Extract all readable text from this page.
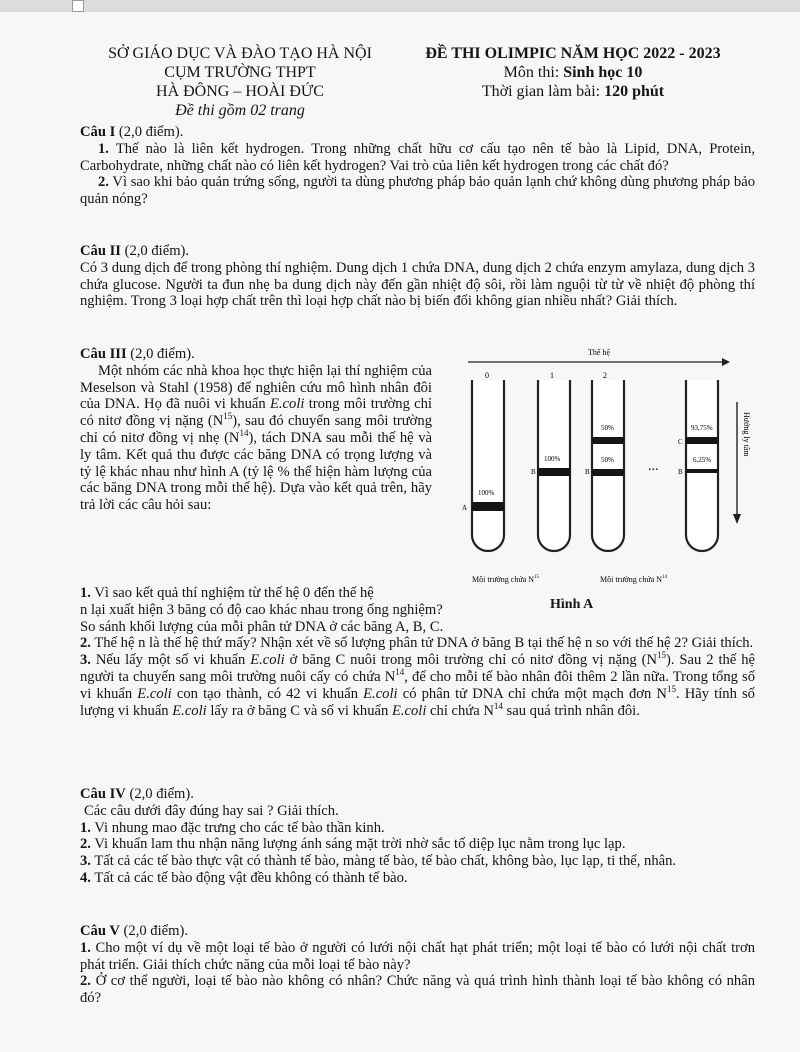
SỞ GIÁO DỤC VÀ ĐÀO TẠO HÀ NỘI
CỤM TRƯỜNG THPT
HÀ ĐÔNG – HOÀI ĐỨC
Đề thi gồm 02 trang
ĐỀ THI OLIMPIC NĂM HỌC 2022 - 2023
Môn thi: Sinh học 10
Thời gian làm bài: 120 phút

Câu I (2,0 điểm).

1. Thế nào là liên kết hydrogen. Trong những chất hữu cơ cấu tạo nên tế bào là Lipid, DNA, Protein, Carbohydrate, những chất nào có liên kết hydrogen? Vai trò của liên kết hydrogen trong các chất đó?

2. Vì sao khi bảo quản trứng sống, người ta dùng phương pháp bảo quản lạnh chứ không dùng phương pháp bảo quản nóng?

Câu II (2,0 điểm).

Có 3 dung dịch để trong phòng thí nghiệm. Dung dịch 1 chứa DNA, dung dịch 2 chứa enzym amylaza, dung dịch 3 chứa glucose. Người ta đun nhẹ ba dung dịch này đến gần nhiệt độ sôi, rồi làm nguội từ từ về nhiệt độ phòng thí nghiệm. Trong 3 loại hợp chất trên thì loại hợp chất nào bị biến đổi không gian nhiều nhất? Giải thích.

Câu III (2,0 điểm).

Một nhóm các nhà khoa học thực hiện lại thí nghiệm của Meselson và Stahl (1958) để nghiên cứu mô hình nhân đôi của DNA. Họ đã nuôi vi khuẩn E.coli trong môi trường chỉ có nitơ đồng vị nặng $(N^{15})$, sau đó chuyển sang môi trường chỉ có nitơ đồng vị nhẹ $(N^{14})$, tách DNA sau mỗi thế hệ và ly tâm. Kết quả thu được các băng DNA có trọng lượng và tỷ lệ khác nhau như hình A (tỷ lệ % thể hiện hàm lượng của các băng DNA trong mỗi thế hệ). Dựa vào kết quả trên, hãy trả lời các câu hỏi sau:

1. Vì sao kết quả thí nghiệm từ thế hệ 0 đến thế hệ

n lại xuất hiện 3 băng có độ cao khác nhau trong ống nghiệm?

So sánh khối lượng của mỗi phân tử DNA ở các băng A, B, C.

2. Thế hệ n là thế hệ thứ mấy? Nhận xét về số lượng phân tử DNA ở băng B tại thế hệ n so với thế hệ 2? Giải thích.

3. Nếu lấy một số vi khuẩn E.coli ở băng C nuôi trong môi trường chỉ có nitơ đồng vị nặng $(N^{15})$. Sau 2 thế hệ người ta chuyển sang môi trường nuôi cấy có chứa $N^{14}$, để cho mỗi tế bào nhân đôi thêm 2 lần nữa. Trong tổng số vi khuẩn E.coli con tạo thành, có 42 vi khuẩn E.coli có phân tử DNA chỉ chứa một mạch đơn $N^{15}$. Hãy tính số lượng vi khuẩn E.coli lấy ra ở băng C và số vi khuẩn E.coli chỉ chứa $N^{14}$ sau quá trình nhân đôi.

Thế hệ
0	1	2
100%
A
100%
B
50%
50%
B	...
93,75%
6,25%
C
B
Hướng ly tâm
Môi trường chứa $N^{15}$	Môi trường chứa $N^{14}$
Hình A

Câu IV (2,0 điểm).

Các câu dưới đây đúng hay sai ? Giải thích.

1. Vi nhung mao đặc trưng cho các tế bào thần kinh.

2. Vi khuẩn lam thu nhận năng lượng ánh sáng mặt trời nhờ sắc tố diệp lục nằm trong lục lạp.

3. Tất cả các tế bào thực vật có thành tế bào, màng tế bào, tế bào chất, không bào, lục lạp, ti thể, nhân.

4. Tất cả các tế bào động vật đều không có thành tế bào.

Câu V (2,0 điểm).

1. Cho một ví dụ về một loại tế bào ở người có lưới nội chất hạt phát triển; một loại tế bào có lưới nội chất trơn phát triển. Giải thích chức năng của mỗi loại tế bào này?

2. Ở cơ thể người, loại tế bào nào không có nhân? Chức năng và quá trình hình thành loại tế bào không có nhân đó?
